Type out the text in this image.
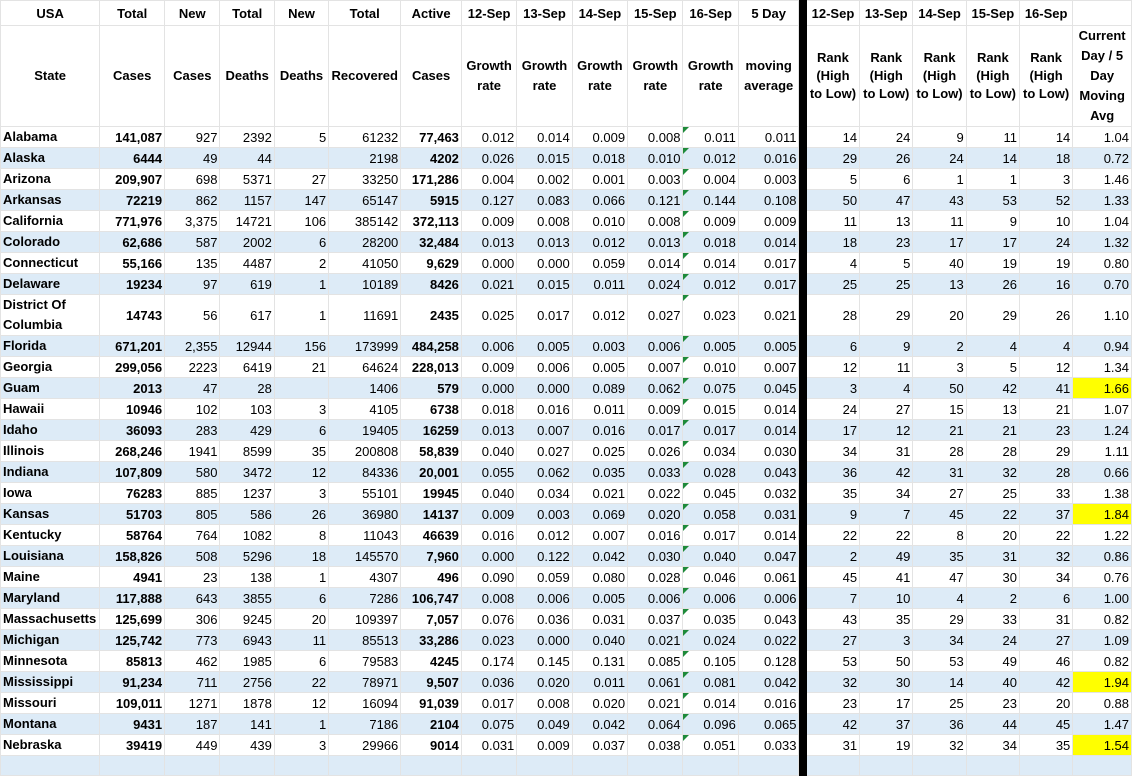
USA	Total	New	Total	New	Total	Active	12-Sep	13-Sep	14-Sep	15-Sep	16-Sep	5 Day		12-Sep	13-Sep	14-Sep	15-Sep	16-Sep	
State	Cases	Cases	Deaths	Deaths	Recovered	Cases	Growth rate	Growth rate	Growth rate	Growth rate	Growth rate	moving average		Rank (High to Low)	Rank (High to Low)	Rank (High to Low)	Rank (High to Low)	Rank (High to Low)	Current Day / 5 Day Moving Avg
Alabama	141,087	927	2392	5	61232	77,463	0.012	0.014	0.009	0.008	0.011	0.011		14	24	9	11	14	1.04
Alaska	6444	49	44		2198	4202	0.026	0.015	0.018	0.010	0.012	0.016		29	26	24	14	18	0.72
Arizona	209,907	698	5371	27	33250	171,286	0.004	0.002	0.001	0.003	0.004	0.003		5	6	1	1	3	1.46
Arkansas	72219	862	1157	147	65147	5915	0.127	0.083	0.066	0.121	0.144	0.108		50	47	43	53	52	1.33
California	771,976	3,375	14721	106	385142	372,113	0.009	0.008	0.010	0.008	0.009	0.009		11	13	11	9	10	1.04
Colorado	62,686	587	2002	6	28200	32,484	0.013	0.013	0.012	0.013	0.018	0.014		18	23	17	17	24	1.32
Connecticut	55,166	135	4487	2	41050	9,629	0.000	0.000	0.059	0.014	0.014	0.017		4	5	40	19	19	0.80
Delaware	19234	97	619	1	10189	8426	0.021	0.015	0.011	0.024	0.012	0.017		25	25	13	26	16	0.70
District Of Columbia	14743	56	617	1	11691	2435	0.025	0.017	0.012	0.027	0.023	0.021		28	29	20	29	26	1.10
Florida	671,201	2,355	12944	156	173999	484,258	0.006	0.005	0.003	0.006	0.005	0.005		6	9	2	4	4	0.94
Georgia	299,056	2223	6419	21	64624	228,013	0.009	0.006	0.005	0.007	0.010	0.007		12	11	3	5	12	1.34
Guam	2013	47	28		1406	579	0.000	0.000	0.089	0.062	0.075	0.045		3	4	50	42	41	1.66
Hawaii	10946	102	103	3	4105	6738	0.018	0.016	0.011	0.009	0.015	0.014		24	27	15	13	21	1.07
Idaho	36093	283	429	6	19405	16259	0.013	0.007	0.016	0.017	0.017	0.014		17	12	21	21	23	1.24
Illinois	268,246	1941	8599	35	200808	58,839	0.040	0.027	0.025	0.026	0.034	0.030		34	31	28	28	29	1.11
Indiana	107,809	580	3472	12	84336	20,001	0.055	0.062	0.035	0.033	0.028	0.043		36	42	31	32	28	0.66
Iowa	76283	885	1237	3	55101	19945	0.040	0.034	0.021	0.022	0.045	0.032		35	34	27	25	33	1.38
Kansas	51703	805	586	26	36980	14137	0.009	0.003	0.069	0.020	0.058	0.031		9	7	45	22	37	1.84
Kentucky	58764	764	1082	8	11043	46639	0.016	0.012	0.007	0.016	0.017	0.014		22	22	8	20	22	1.22
Louisiana	158,826	508	5296	18	145570	7,960	0.000	0.122	0.042	0.030	0.040	0.047		2	49	35	31	32	0.86
Maine	4941	23	138	1	4307	496	0.090	0.059	0.080	0.028	0.046	0.061		45	41	47	30	34	0.76
Maryland	117,888	643	3855	6	7286	106,747	0.008	0.006	0.005	0.006	0.006	0.006		7	10	4	2	6	1.00
Massachusetts	125,699	306	9245	20	109397	7,057	0.076	0.036	0.031	0.037	0.035	0.043		43	35	29	33	31	0.82
Michigan	125,742	773	6943	11	85513	33,286	0.023	0.000	0.040	0.021	0.024	0.022		27	3	34	24	27	1.09
Minnesota	85813	462	1985	6	79583	4245	0.174	0.145	0.131	0.085	0.105	0.128		53	50	53	49	46	0.82
Mississippi	91,234	711	2756	22	78971	9,507	0.036	0.020	0.011	0.061	0.081	0.042		32	30	14	40	42	1.94
Missouri	109,011	1271	1878	12	16094	91,039	0.017	0.008	0.020	0.021	0.014	0.016		23	17	25	23	20	0.88
Montana	9431	187	141	1	7186	2104	0.075	0.049	0.042	0.064	0.096	0.065		42	37	36	44	45	1.47
Nebraska	39419	449	439	3	29966	9014	0.031	0.009	0.037	0.038	0.051	0.033		31	19	32	34	35	1.54
